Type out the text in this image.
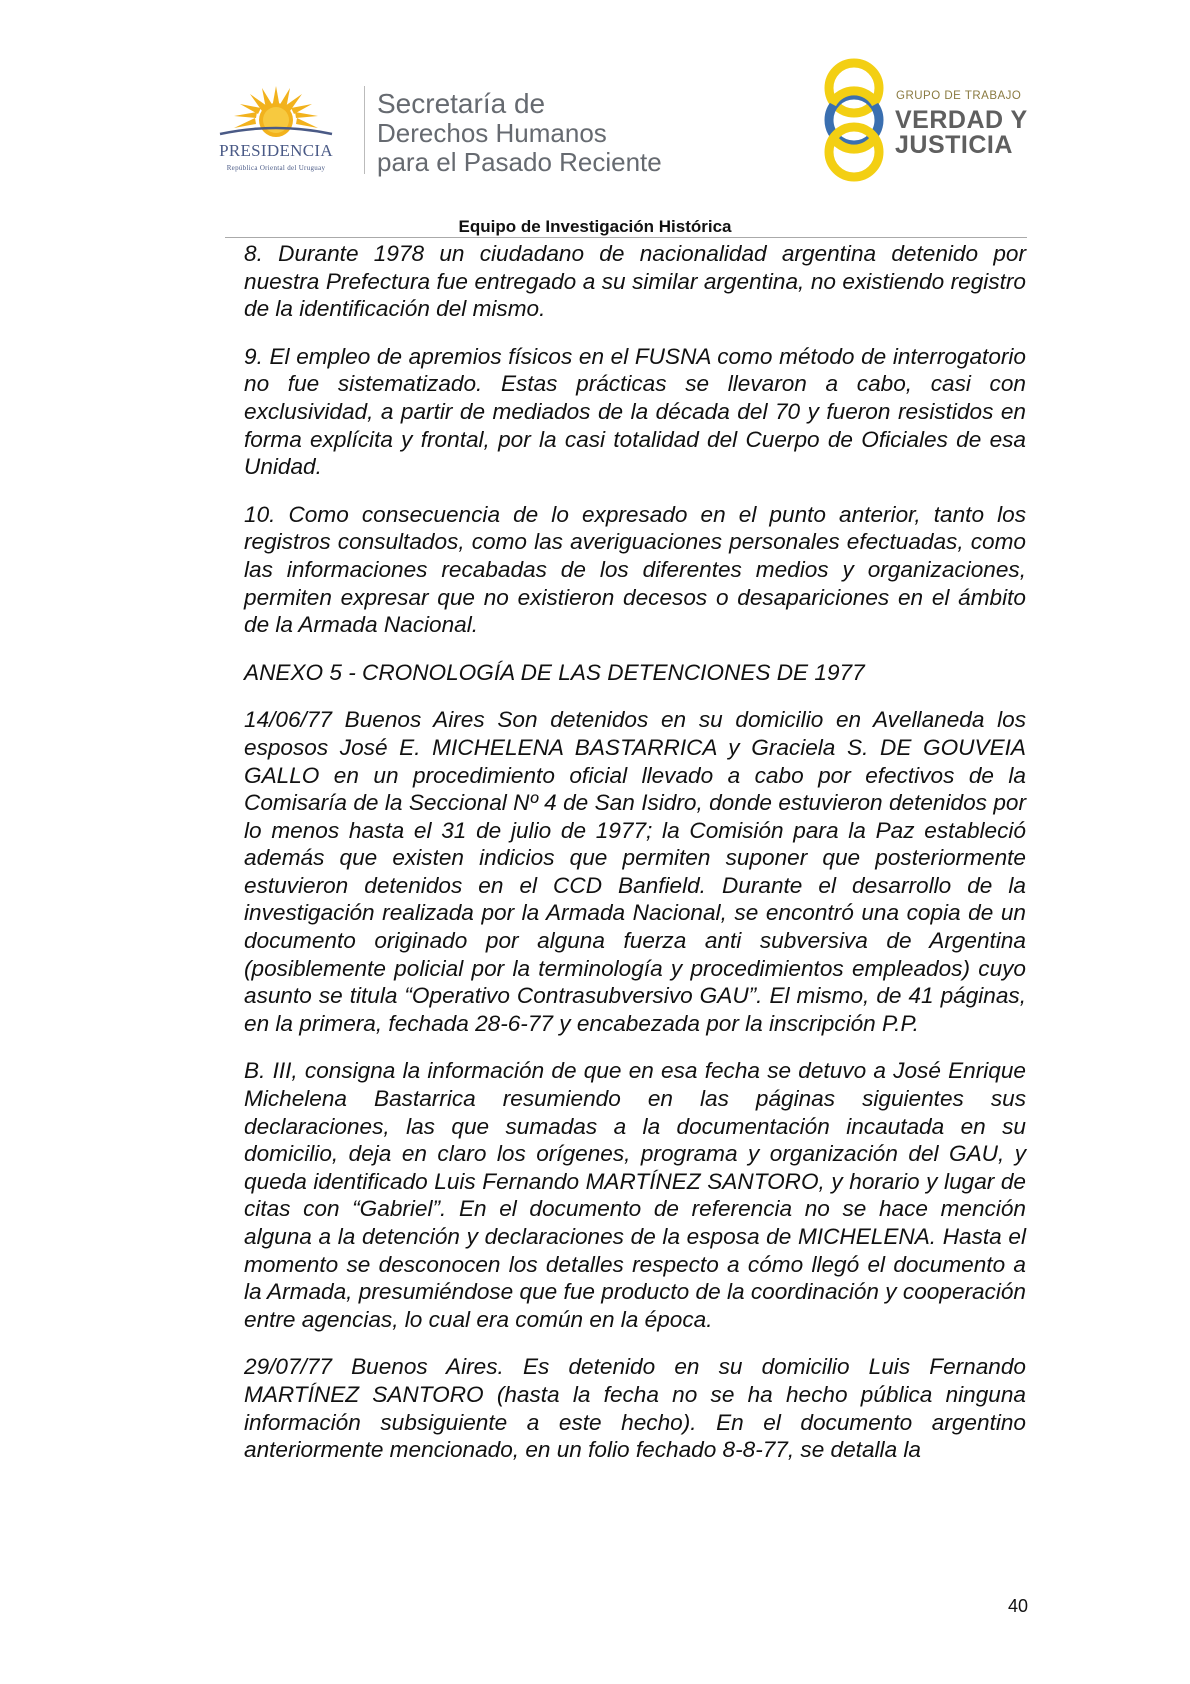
PRESIDENCIA
República Oriental del Uruguay
Secretaría de
Derechos Humanos
para el Pasado Reciente
GRUPO DE TRABAJO
VERDAD Y
JUSTICIA
Equipo de Investigación Histórica

8. Durante 1978 un ciudadano de nacionalidad argentina detenido por nuestra Prefectura fue entregado a su similar argentina, no existiendo registro de la identificación del mismo.

9. El empleo de apremios físicos en el FUSNA como método de interrogatorio no fue sistematizado. Estas prácticas se llevaron a cabo, casi con exclusividad, a partir de mediados de la década del 70 y fueron resistidos en forma explícita y frontal, por la casi totalidad del Cuerpo de Oficiales de esa Unidad.

10. Como consecuencia de lo expresado en el punto anterior, tanto los registros consultados, como las averiguaciones personales efectuadas, como las informaciones recabadas de los diferentes medios y organizaciones, permiten expresar que no existieron decesos o desapariciones en el ámbito de la Armada Nacional.

ANEXO 5 - CRONOLOGÍA DE LAS DETENCIONES DE 1977

14/06/77 Buenos Aires Son detenidos en su domicilio en Avellaneda los esposos José E. MICHELENA BASTARRICA y Graciela S. DE GOUVEIA GALLO en un procedimiento oficial llevado a cabo por efectivos de la Comisaría de la Seccional Nº 4 de San Isidro, donde estuvieron detenidos por lo menos hasta el 31 de julio de 1977; la Comisión para la Paz estableció además que existen indicios que permiten suponer que posteriormente estuvieron detenidos en el CCD Banfield. Durante el desarrollo de la investigación realizada por la Armada Nacional, se encontró una copia de un documento originado por alguna fuerza anti subversiva de Argentina (posiblemente policial por la terminología y procedimientos empleados) cuyo asunto se titula “Operativo Contrasubversivo GAU”. El mismo, de 41 páginas, en la primera, fechada 28-6-77 y encabezada por la inscripción P.P.

B. III, consigna la información de que en esa fecha se detuvo a José Enrique Michelena Bastarrica resumiendo en las páginas siguientes sus declaraciones, las que sumadas a la documentación incautada en su domicilio, deja en claro los orígenes, programa y organización del GAU, y queda identificado Luis Fernando MARTÍNEZ SANTORO, y horario y lugar de citas con “Gabriel”. En el documento de referencia no se hace mención alguna a la detención y declaraciones de la esposa de MICHELENA. Hasta el momento se desconocen los detalles respecto a cómo llegó el documento a la Armada, presumiéndose que fue producto de la coordinación y cooperación entre agencias, lo cual era común en la época.

29/07/77 Buenos Aires. Es detenido en su domicilio Luis Fernando MARTÍNEZ SANTORO (hasta la fecha no se ha hecho pública ninguna información subsiguiente a este hecho). En el documento argentino anteriormente mencionado, en un folio fechado 8-8-77, se detalla la

40
